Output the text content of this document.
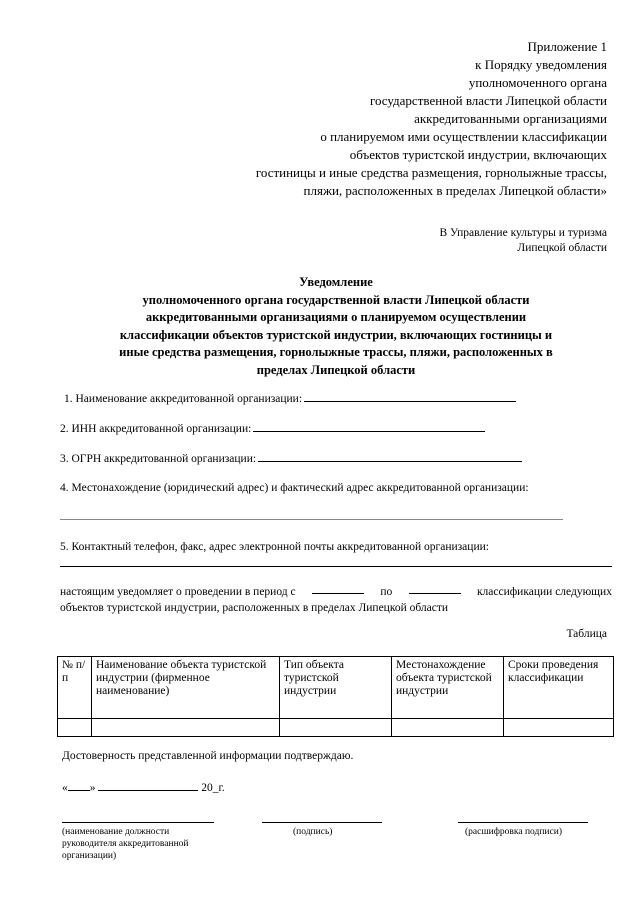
Приложение 1
к Порядку уведомления
уполномоченного органа
государственной власти Липецкой области
аккредитованными организациями
о планируемом ими осуществлении классификации
объектов туристской индустрии, включающих
гостиницы и иные средства размещения, горнолыжные трассы,
пляжи, расположенных в пределах Липецкой области»
В Управление культуры и туризма
Липецкой области
Уведомление
уполномоченного органа государственной власти Липецкой области
аккредитованными организациями о планируемом осуществлении
классификации объектов туристской индустрии, включающих гостиницы и
иные средства размещения, горнолыжные трассы, пляжи, расположенных в
пределах Липецкой области
1. Наименование аккредитованной организации:
2. ИНН аккредитованной организации:
3. ОГРН аккредитованной организации:
4. Местонахождение (юридический адрес) и фактический адрес аккредитованной организации:
5. Контактный телефон, факс, адрес электронной почты аккредитованной организации:
настоящим уведомляет о проведении в период с	по	классификации следующих
объектов туристской индустрии, расположенных в пределах Липецкой области
Таблица
№ п/п	Наименование объекта туристской индустрии (фирменное наименование)	Тип объекта туристской индустрии	Местонахождение объекта туристской индустрии	Сроки проведения классификации

Достоверность представленной информации подтверждаю.
« »	20_г.
(наименование должности
руководителя аккредитованной
организации)
(подпись)	(расшифровка подписи)
